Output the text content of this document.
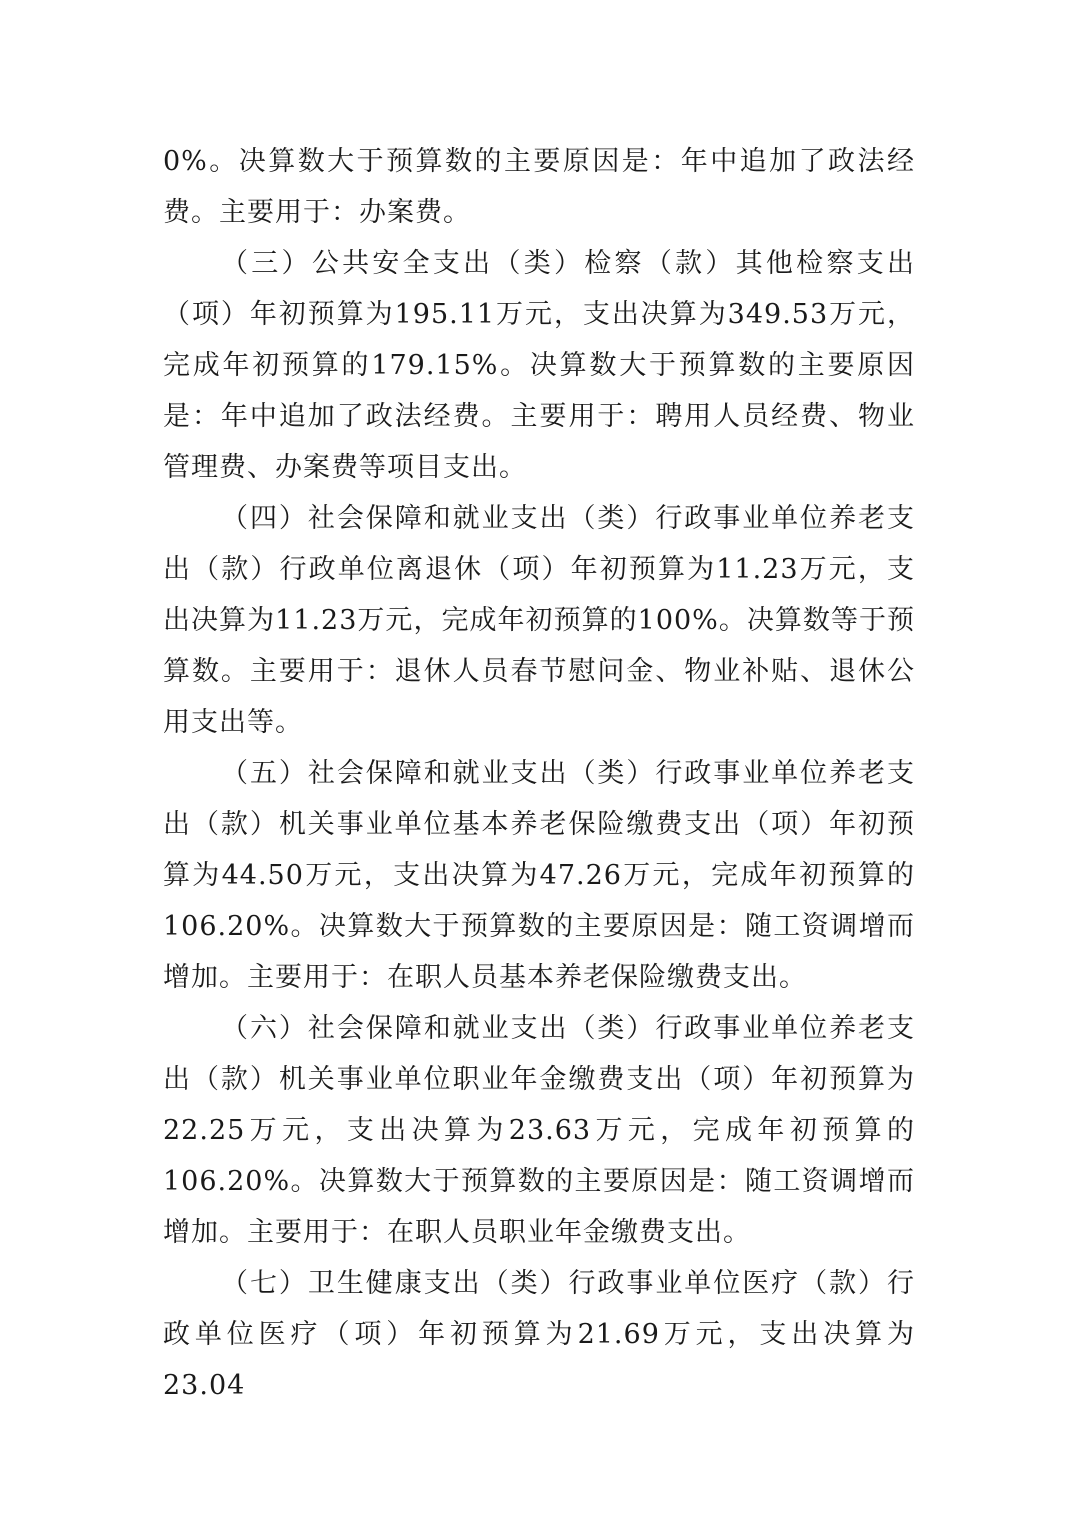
0%。决算数大于预算数的主要原因是：年中追加了政法经费。主要用于：办案费。

（三）公共安全支出（类）检察（款）其他检察支出（项）年初预算为195.11万元，支出决算为349.53万元，完成年初预算的179.15%。决算数大于预算数的主要原因是：年中追加了政法经费。主要用于：聘用人员经费、物业管理费、办案费等项目支出。

（四）社会保障和就业支出（类）行政事业单位养老支出（款）行政单位离退休（项）年初预算为11.23万元，支出决算为11.23万元，完成年初预算的100%。决算数等于预算数。主要用于：退休人员春节慰问金、物业补贴、退休公用支出等。

（五）社会保障和就业支出（类）行政事业单位养老支出（款）机关事业单位基本养老保险缴费支出（项）年初预算为44.50万元，支出决算为47.26万元，完成年初预算的106.20%。决算数大于预算数的主要原因是：随工资调增而增加。主要用于：在职人员基本养老保险缴费支出。

（六）社会保障和就业支出（类）行政事业单位养老支出（款）机关事业单位职业年金缴费支出（项）年初预算为22.25万元，支出决算为23.63万元，完成年初预算的106.20%。决算数大于预算数的主要原因是：随工资调增而增加。主要用于：在职人员职业年金缴费支出。

（七）卫生健康支出（类）行政事业单位医疗（款）行政单位医疗（项）年初预算为21.69万元，支出决算为23.04
